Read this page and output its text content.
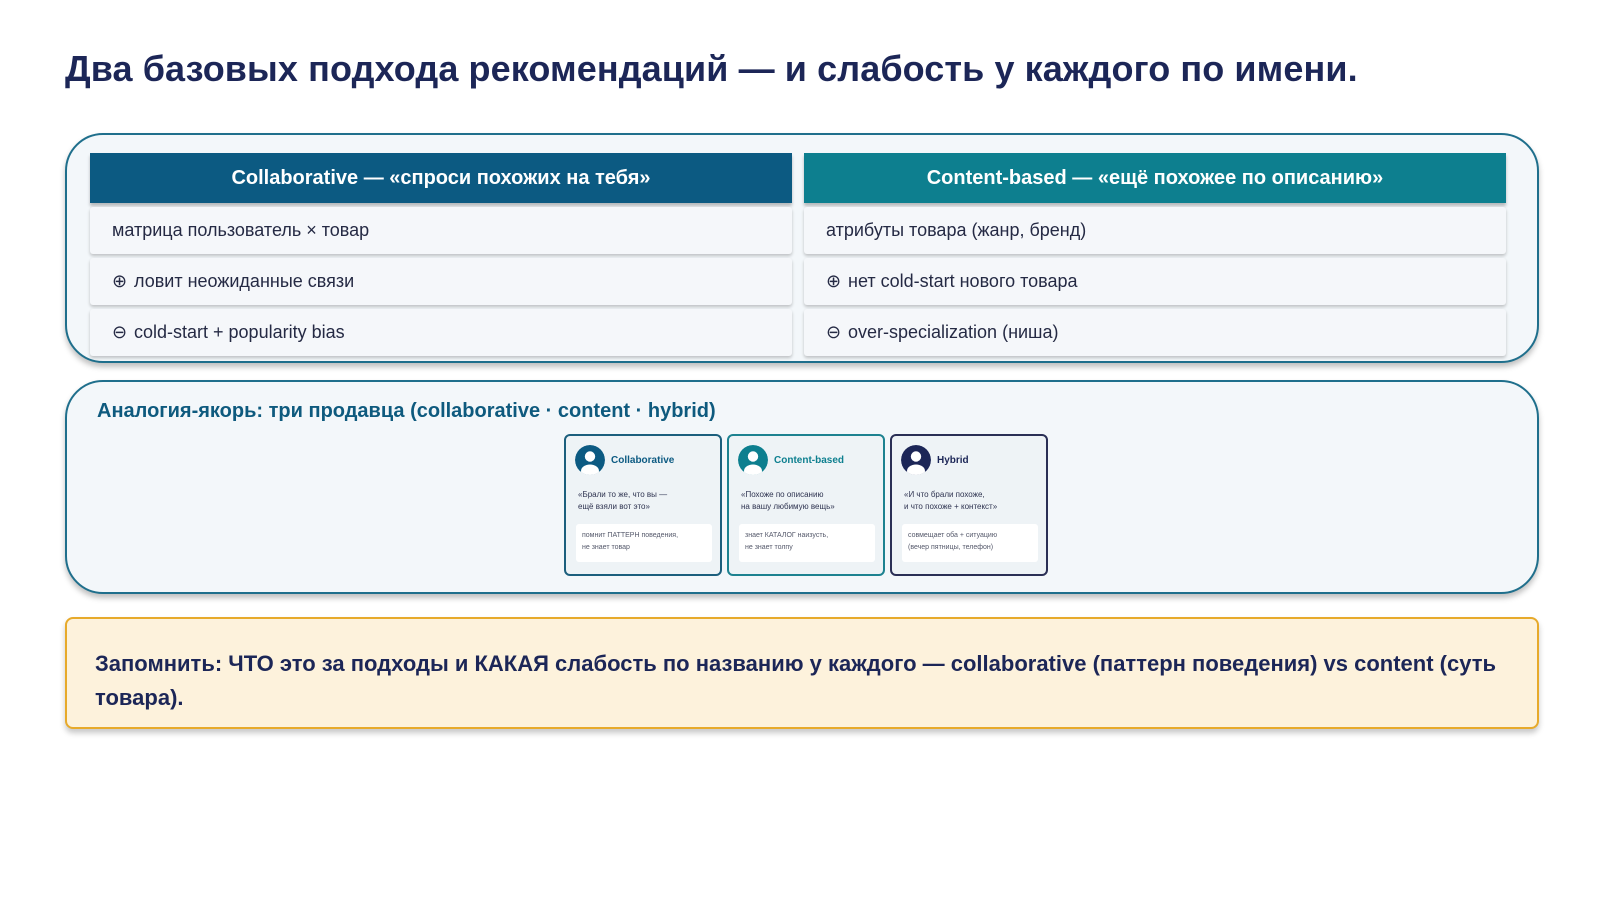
Два базовых подхода рекомендаций — и слабость у каждого по имени.
Collaborative — «спроси похожих на тебя»
матрица пользователь × товар
⊕ ловит неожиданные связи
⊖ cold-start + popularity bias
Content-based — «ещё похожее по описанию»
атрибуты товара (жанр, бренд)
⊕ нет cold-start нового товара
⊖ over-specialization (ниша)
Аналогия-якорь: три продавца (collaborative · content · hybrid)
Collaborative
«Брали то же, что вы —
ещё взяли вот это»
помнит ПАТТЕРН поведения,
не знает товар
Content-based
«Похоже по описанию
на вашу любимую вещь»
знает КАТАЛОГ наизусть,
не знает толпу
Hybrid
«И что брали похоже,
и что похоже + контекст»
совмещает оба + ситуацию
(вечер пятницы, телефон)
Запомнить: ЧТО это за подходы и КАКАЯ слабость по названию у каждого — collaborative (паттерн поведения) vs content (суть товара).
